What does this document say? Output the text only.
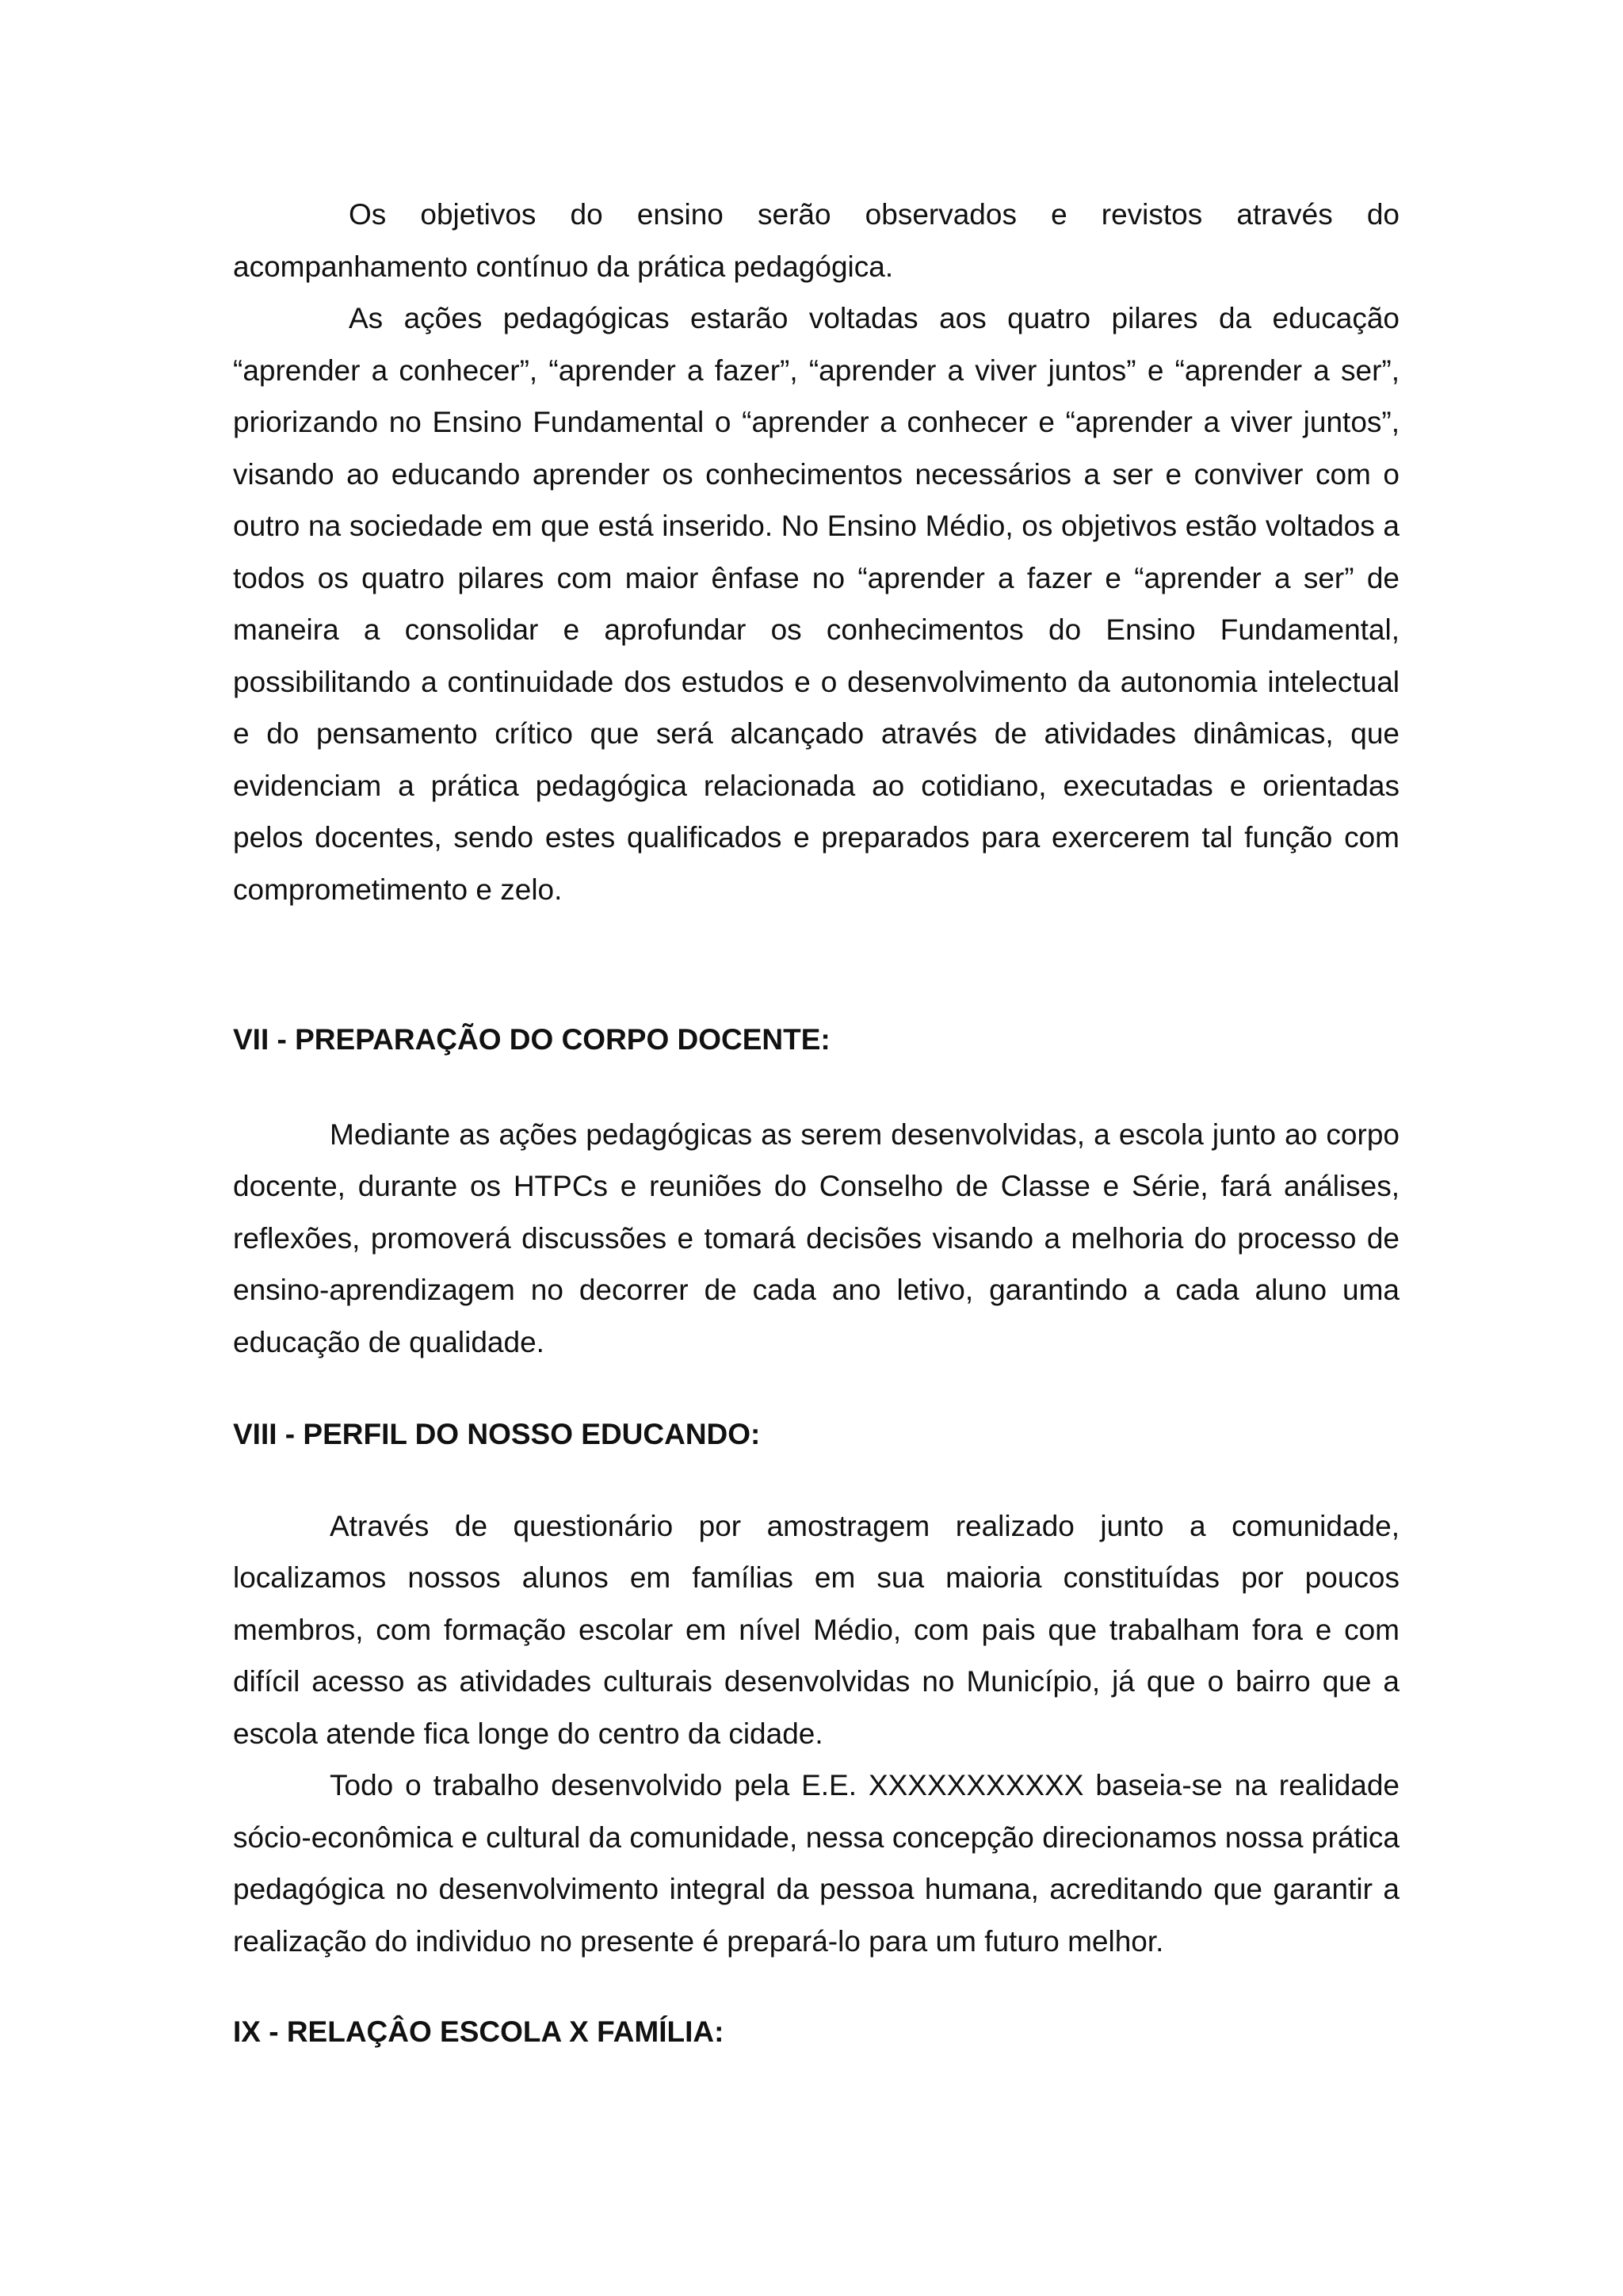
Os objetivos do ensino serão observados e revistos através do acompanhamento contínuo da prática pedagógica.

As ações pedagógicas estarão voltadas aos quatro pilares da educação “aprender a conhecer”, “aprender a fazer”, “aprender a viver juntos” e “aprender a ser”, priorizando no Ensino Fundamental o “aprender a conhecer e “aprender a viver juntos”, visando ao educando aprender os conhecimentos necessários a ser e conviver com o outro na sociedade em que está inserido. No Ensino Médio, os objetivos estão voltados a todos os quatro pilares com maior ênfase no “aprender a fazer e “aprender a ser” de maneira a consolidar e aprofundar os conhecimentos do Ensino Fundamental, possibilitando a continuidade dos estudos e o desenvolvimento da autonomia intelectual e do pensamento crítico que será alcançado através de atividades dinâmicas, que evidenciam a prática pedagógica relacionada ao cotidiano, executadas e orientadas pelos docentes, sendo estes qualificados e preparados para exercerem tal função com comprometimento e zelo.

VII - PREPARAÇÃO DO CORPO DOCENTE:

Mediante as ações pedagógicas as serem desenvolvidas, a escola junto ao corpo docente, durante os HTPCs e reuniões do Conselho de Classe e Série, fará análises, reflexões, promoverá discussões e tomará decisões visando a melhoria do processo de ensino-aprendizagem no decorrer de cada ano letivo, garantindo a cada aluno uma educação de qualidade.

VIII - PERFIL DO NOSSO EDUCANDO:

Através de questionário por amostragem realizado junto a comunidade, localizamos nossos alunos em famílias em sua maioria constituídas por poucos membros, com formação escolar em nível Médio, com pais que trabalham fora e com difícil acesso as atividades culturais desenvolvidas no Município, já que o bairro que a escola atende fica longe do centro da cidade.

Todo o trabalho desenvolvido pela E.E. XXXXXXXXXXX baseia-se na realidade sócio-econômica e cultural da comunidade, nessa concepção direcionamos nossa prática pedagógica no desenvolvimento integral da pessoa humana, acreditando que garantir a realização do individuo no presente é prepará-lo para um futuro melhor.

IX - RELAÇÂO ESCOLA X FAMÍLIA:
